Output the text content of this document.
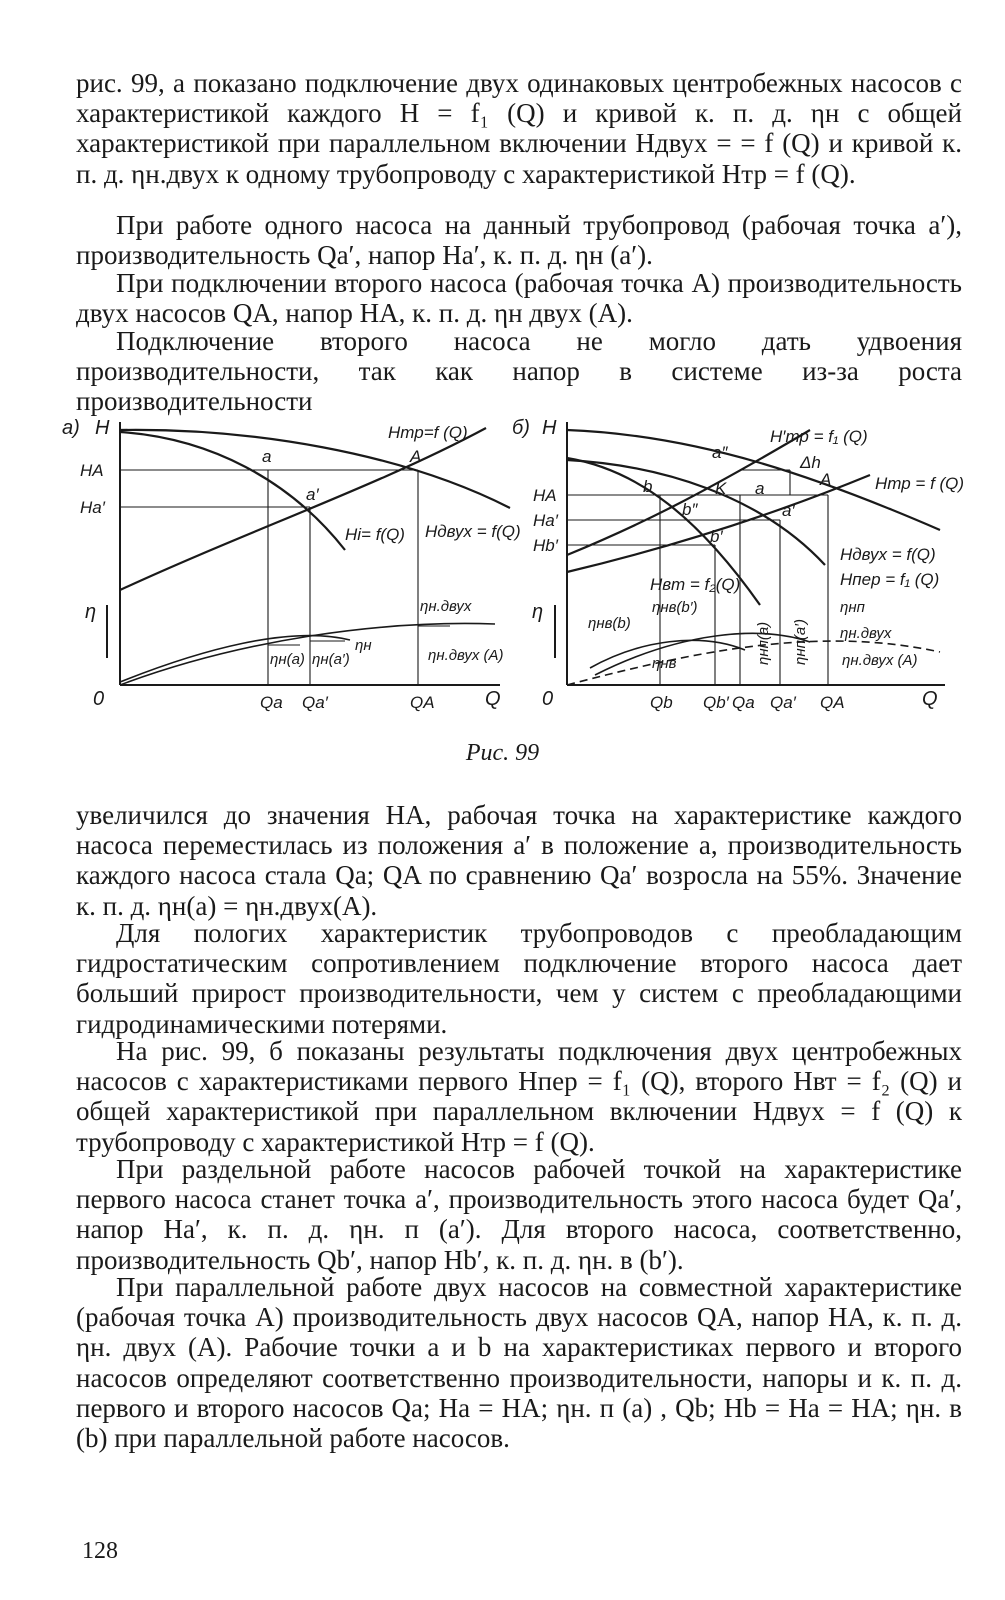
рис. 99, а показано подключение двух одинаковых центробежных насосов с характеристикой каждого H = f₁ (Q) и кривой к. п. д. ηн с общей характеристикой при параллельном включении Hдвух = = f (Q) и кривой к. п. д. ηн.двух к одному трубопроводу с характеристикой Hтр = f (Q).

При работе одного насоса на данный трубопровод (рабочая точка a′), производительность Qa′, напор Ha′, к. п. д. ηн (a′).

При подключении второго насоса (рабочая точка A) производительность двух насосов QA, напор HA, к. п. д. ηн двух (A).

Подключение второго насоса не могло дать удвоения производительности, так как напор в системе из-за роста производительности

а) H
HA
Ha′
η
0	Qa Qa′	QA	Q
Hтр=f (Q)
Hi= f(Q) Hдвух = f(Q)
ηн
ηн.двух
ηн.двух (A)
ηн(a) ηн(a′)
a
a′
A
б) H
HA
Ha′
Hb′
η
0	Qb Qb′ Qa Qa′ QA	Q
H′тр = f₁ (Q)
Δh
Hтр = f (Q)
Hдвух = f(Q)
Hпер = f₁ (Q)
Hвт = f₂(Q)
ηнв(b′)	ηнп
ηн.двух
ηн.двух (A)
ηнв(b)
ηнв	ηнп(a) ηнп(a′)
a″
b	K a	A
b″	a′
b′
Рис. 99

увеличился до значения HA, рабочая точка на характеристике каждого насоса переместилась из положения a′ в положение a, производительность каждого насоса стала Qa; QA по сравнению Qa′ возросла на 55%. Значение к. п. д. ηн(a) = ηн.двух(A).

Для пологих характеристик трубопроводов с преобладающим гидростатическим сопротивлением подключение второго насоса дает больший прирост производительности, чем у систем с преобладающими гидродинамическими потерями.

На рис. 99, б показаны результаты подключения двух центробежных насосов с характеристиками первого Hпер = f₁ (Q), второго Hвт = f₂ (Q) и общей характеристикой при параллельном включении Hдвух = f (Q) к трубопроводу с характеристикой Hтр = f (Q).

При раздельной работе насосов рабочей точкой на характеристике первого насоса станет точка a′, производительность этого насоса будет Qa′, напор Ha′, к. п. д. ηн. п (a′). Для второго насоса, соответственно, производительность Qb′, напор Hb′, к. п. д. ηн. в (b′).

При параллельной работе двух насосов на совместной характеристике (рабочая точка A) производительность двух насосов QA, напор HA, к. п. д. ηн. двух (A). Рабочие точки a и b на характеристиках первого и второго насосов определяют соответственно производительности, напоры и к. п. д. первого и второго насосов Qa; Ha = HA; ηн. п (a) , Qb; Hb = Ha = HA; ηн. в (b) при параллельной работе насосов.

128
